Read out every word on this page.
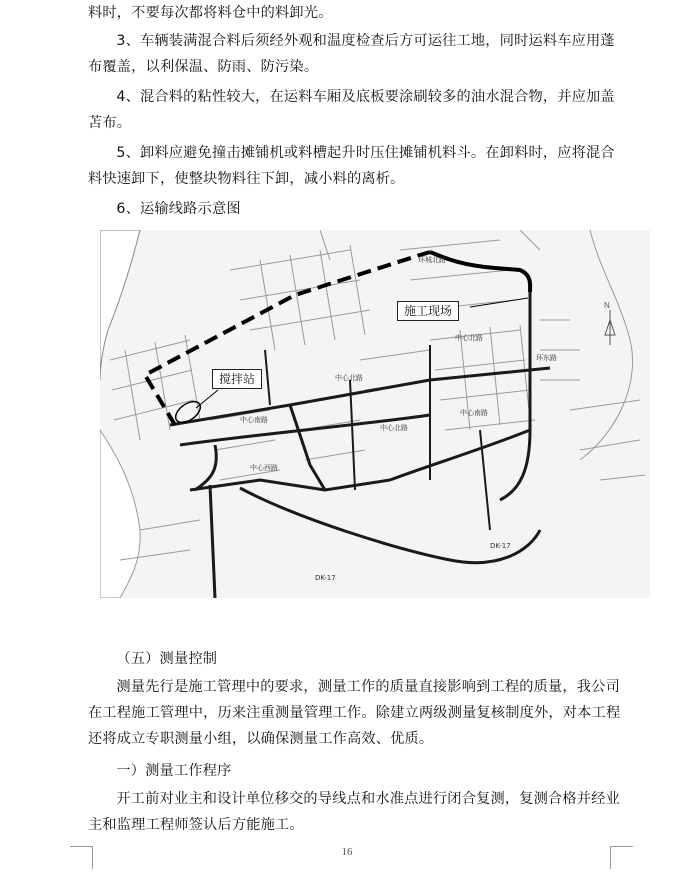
料时，不要每次都将料仓中的料卸光。

3、车辆装满混合料后须经外观和温度检查后方可运往工地，同时运料车应用蓬布覆盖，以利保温、防雨、防污染。

4、混合料的粘性较大，在运料车厢及底板要涂刷较多的油水混合物，并应加盖苫布。

5、卸料应避免撞击摊铺机或料槽起升时压住摊铺机料斗。在卸料时，应将混合料快速卸下，使整块物料往下卸，减小料的离析。

6、运输线路示意图

N
中心北路
中心北路
中心南路
中心南路
中心北路
中心西路
环城北路
环东路
DK-17
DK-17
施工现场
搅拌站

（五）测量控制

测量先行是施工管理中的要求，测量工作的质量直接影响到工程的质量，我公司在工程施工管理中，历来注重测量管理工作。除建立两级测量复核制度外，对本工程还将成立专职测量小组，以确保测量工作高效、优质。

一）测量工作程序

开工前对业主和设计单位移交的导线点和水准点进行闭合复测，复测合格并经业主和监理工程师签认后方能施工。

16
